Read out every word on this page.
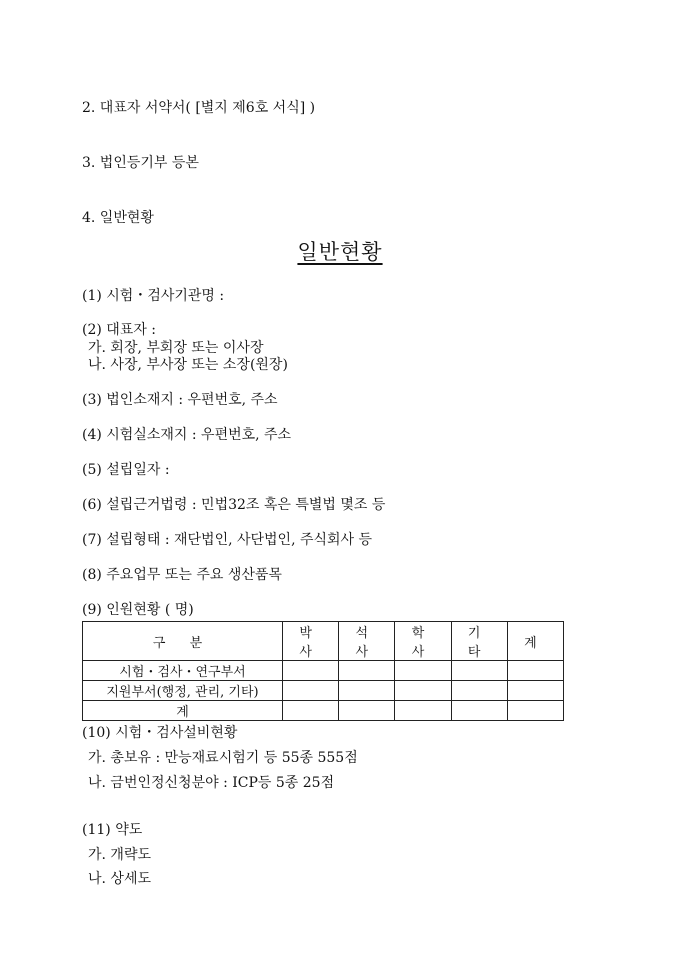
2. 대표자 서약서( [별지 제6호 서식] )
3. 법인등기부 등본
4. 일반현황
일반현황
(1) 시험・검사기관명 :
(2) 대표자 :
가. 회장, 부회장 또는 이사장
나. 사장, 부사장 또는 소장(원장)
(3) 법인소재지 : 우편번호, 주소
(4) 시험실소재지 : 우편번호, 주소
(5) 설립일자 :
(6) 설립근거법령 : 민법32조 혹은 특별법 몇조 등
(7) 설립형태 : 재단법인, 사단법인, 주식회사 등
(8) 주요업무 또는 주요 생산품목
(9) 인원현황 ( 명)
구 분	박 사	석 사	학 사	기 타	계
시험・검사・연구부서					
지원부서(행정, 관리, 기타)					
계					
(10) 시험・검사설비현황
가. 총보유 : 만능재료시험기 등 55종 555점
나. 금번인정신청분야 : ICP등 5종 25점
(11) 약도
가. 개략도
나. 상세도
